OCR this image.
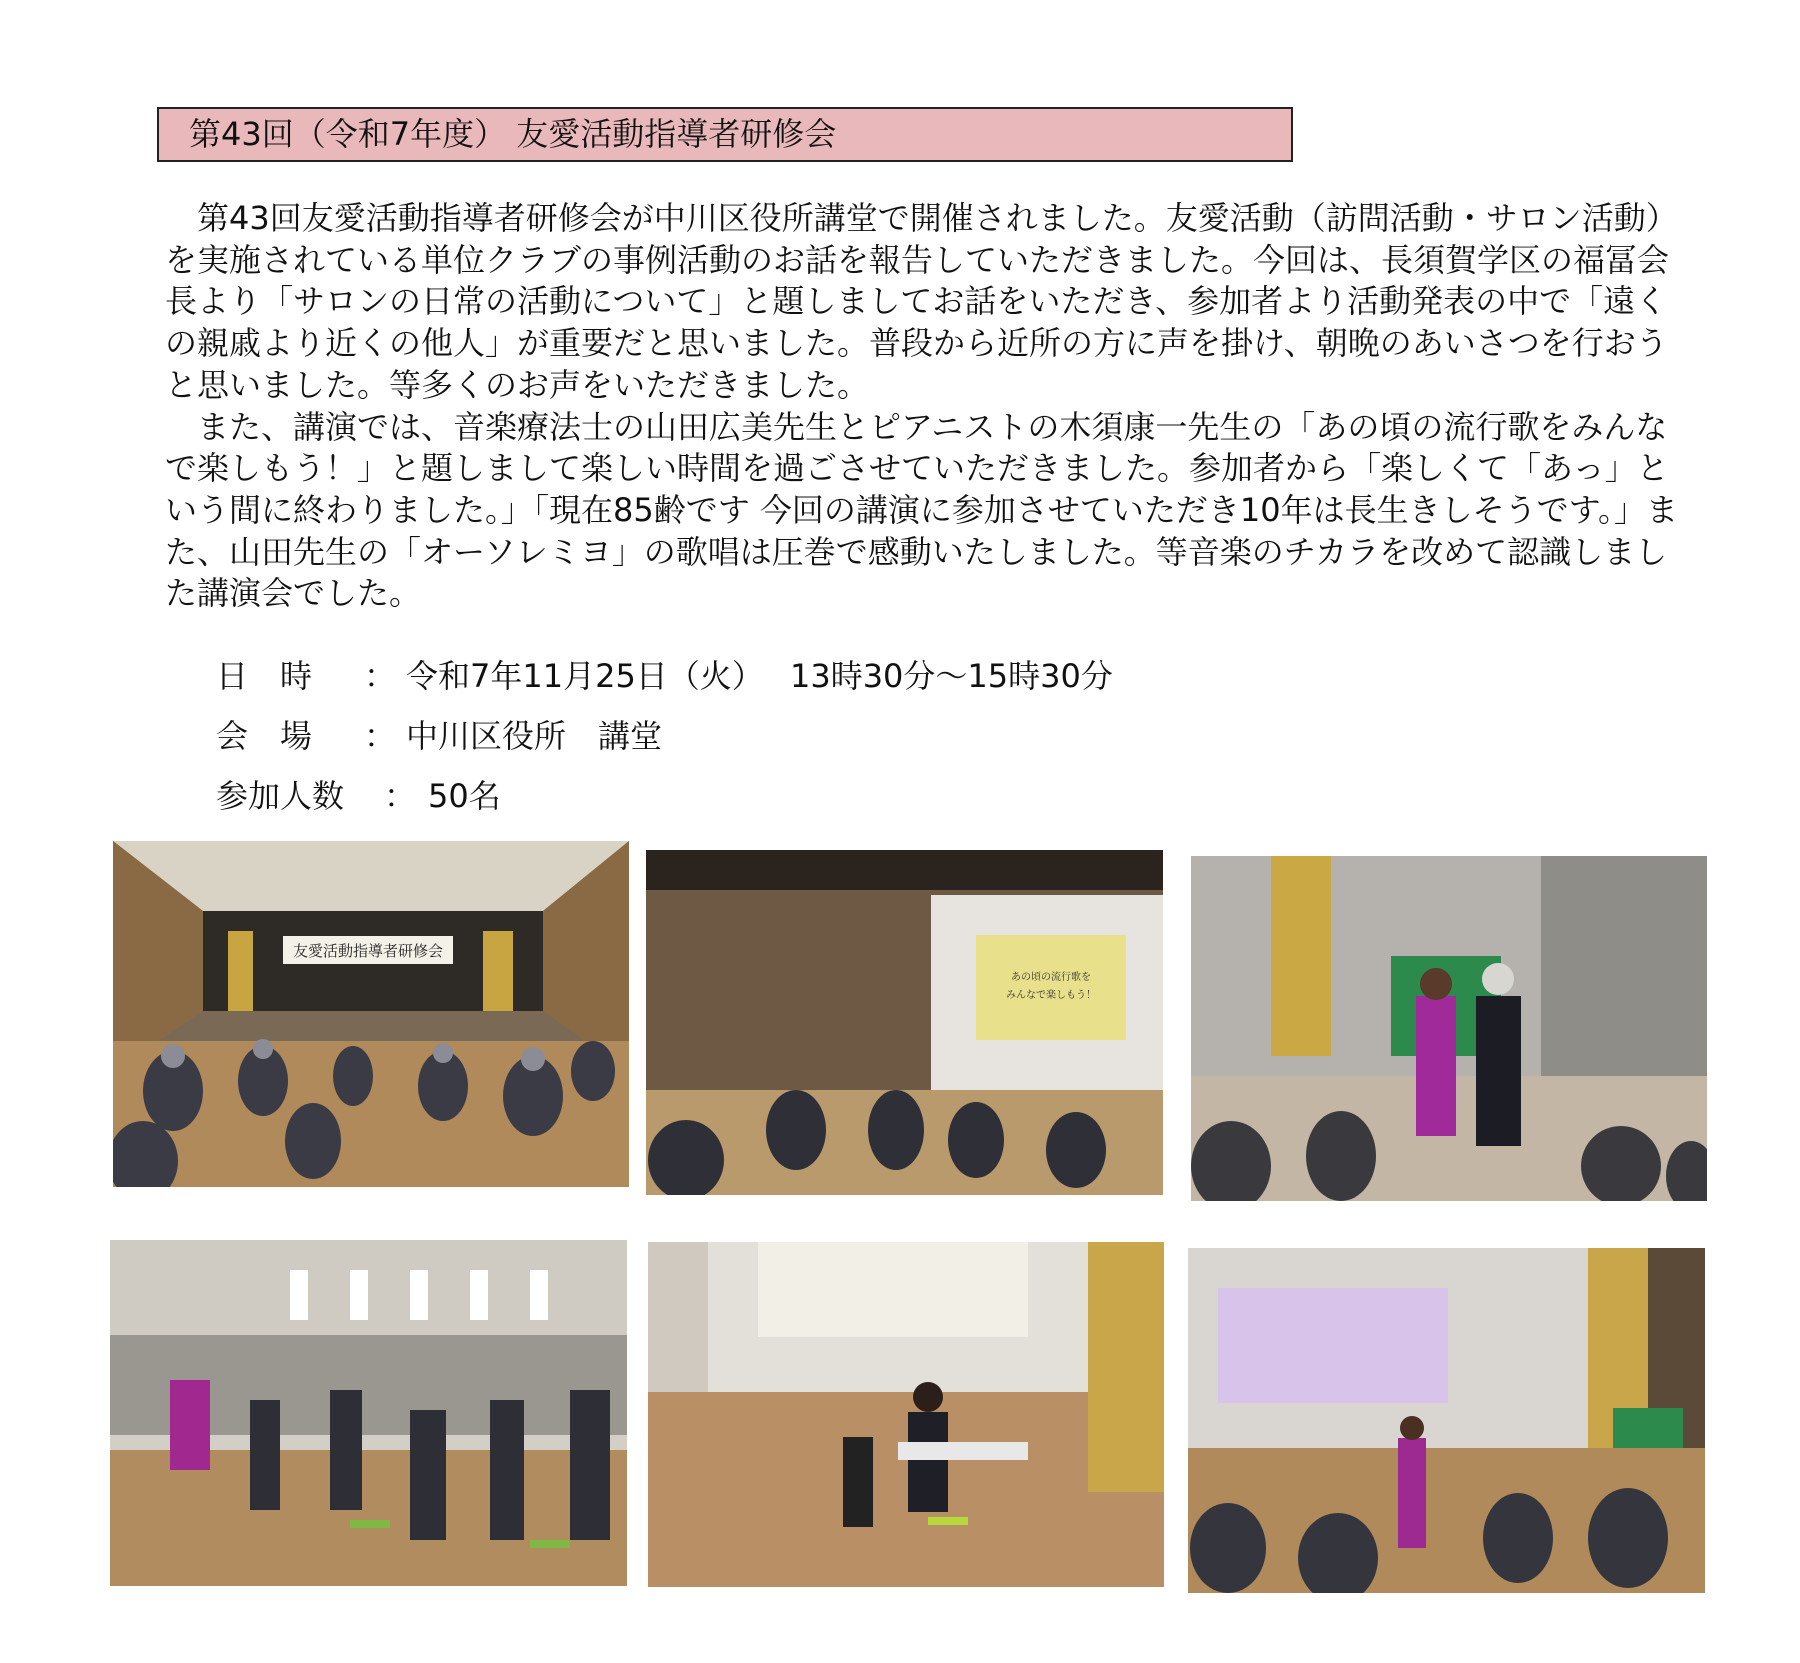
第43回（令和7年度） 友愛活動指導者研修会

第43回友愛活動指導者研修会が中川区役所講堂で開催されました。友愛活動（訪問活動・サロン活動）を実施されている単位クラブの事例活動のお話を報告していただきました。今回は、長須賀学区の福冨会長より「サロンの日常の活動について」と題しましてお話をいただき、参加者より活動発表の中で「遠くの親戚より近くの他人」が重要だと思いました。普段から近所の方に声を掛け、朝晩のあいさつを行おうと思いました。等多くのお声をいただきました。

また、講演では、音楽療法士の山田広美先生とピアニストの木須康一先生の「あの頃の流行歌をみんなで楽しもう！」と題しまして楽しい時間を過ごさせていただきました。参加者から「楽しくて「あっ」という間に終わりました。」「現在85齢です 今回の講演に参加させていただき10年は長生きしそうです。」また、山田先生の「オーソレミヨ」の歌唱は圧巻で感動いたしました。等音楽のチカラを改めて認識しました講演会でした。

日　時 ： 令和7年11月25日（火）　 13時30分～15時30分
会　場 ： 中川区役所　講堂
参加人数 ： 50名
友愛活動指導者研修会
あの頃の流行歌を
みんなで楽しもう！
